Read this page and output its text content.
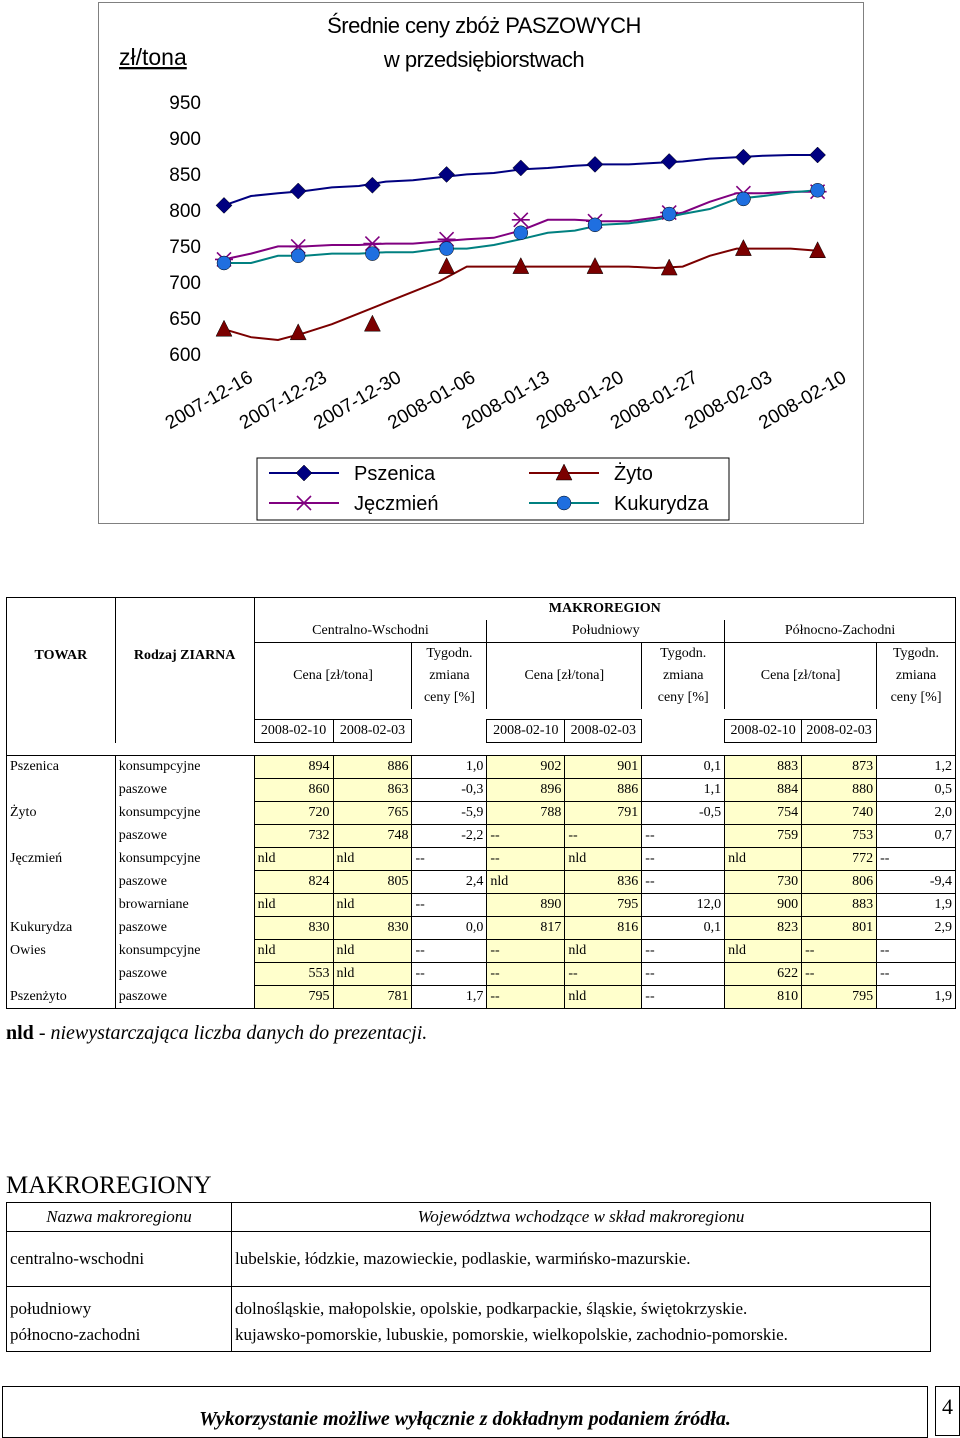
zł/tona
Średnie ceny zbóż PASZOWYCH
w przedsiębiorstwach
950
900
850
800
750
700
650
600
2007-12-16
2007-12-23
2007-12-30
2008-01-06
2008-01-13
2008-01-20
2008-01-27
2008-02-03
2008-02-10
Pszenica	Żyto
Jęczmień	Kukurydza
TOWAR	Rodzaj ZIARNA	MAKROREGION								
		Centralno-Wschodni			Południowy			Północno-Zachodni		
		Cena [zł/tona]		Tygodn.
zmiana
ceny [%]	Cena [zł/tona]		Tygodn.
zmiana
ceny [%]	Cena [zł/tona]		Tygodn.
zmiana
ceny [%]

		2008-02-10	2008-02-03		2008-02-10	2008-02-03		2008-02-10	2008-02-03	

Pszenica	konsumpcyjne	894	886	1,0	902	901	0,1	883	873	1,2
	paszowe	860	863	-0,3	896	886	1,1	884	880	0,5
Żyto	konsumpcyjne	720	765	-5,9	788	791	-0,5	754	740	2,0
	paszowe	732	748	-2,2	--	--	--	759	753	0,7
Jęczmień	konsumpcyjne	nld	nld	--	--	nld	--	nld	772	--
	paszowe	824	805	2,4	nld	836	--	730	806	-9,4
	browarniane	nld	nld	--	890	795	12,0	900	883	1,9
Kukurydza	paszowe	830	830	0,0	817	816	0,1	823	801	2,9
Owies	konsumpcyjne	nld	nld	--	--	nld	--	nld	--	--
	paszowe	553	nld	--	--	--	--	622	--	--
Pszenżyto	paszowe	795	781	1,7	--	nld	--	810	795	1,9
nld - niewystarczająca liczba danych do prezentacji.
MAKROREGIONY
Nazwa makroregionu	Województwa wchodzące w skład makroregionu
centralno-wschodni	lubelskie, łódzkie, mazowieckie, podlaskie, warmińsko-mazurskie.
południowy	dolnośląskie, małopolskie, opolskie, podkarpackie, śląskie, świętokrzyskie.
północno-zachodni	kujawsko-pomorskie, lubuskie, pomorskie, wielkopolskie, zachodnio-pomorskie.
Wykorzystanie możliwe wyłącznie z dokładnym podaniem źródła.	4
